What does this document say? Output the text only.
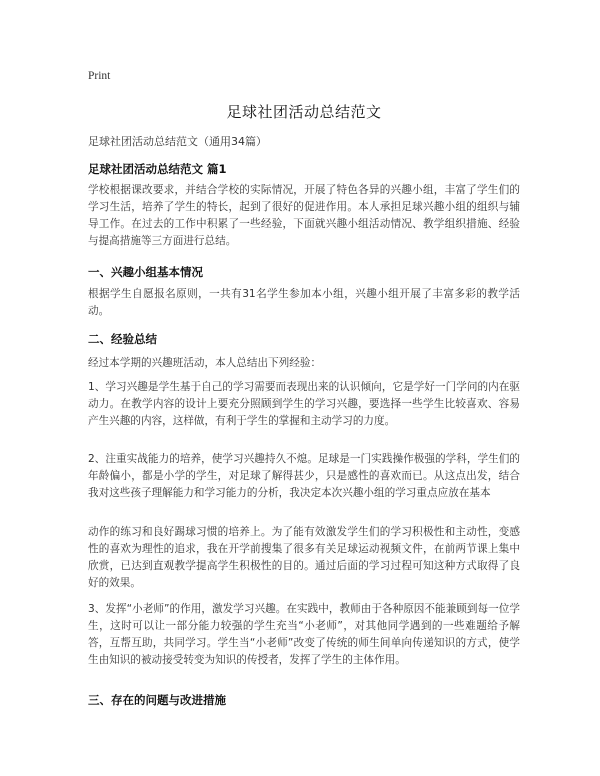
Print
足球社团活动总结范文
足球社团活动总结范文（通用34篇）
足球社团活动总结范文 篇1
学校根据课改要求，并结合学校的实际情况，开展了特色各异的兴趣小组，丰富了学生们的学习生活，培养了学生的特长，起到了很好的促进作用。本人承担足球兴趣小组的组织与辅导工作。在过去的工作中积累了一些经验，下面就兴趣小组活动情况、教学组织措施、经验与提高措施等三方面进行总结。
一、兴趣小组基本情况
根据学生自愿报名原则，一共有31名学生参加本小组，兴趣小组开展了丰富多彩的教学活动。
二、经验总结
经过本学期的兴趣班活动，本人总结出下列经验：
1、学习兴趣是学生基于自己的学习需要而表现出来的认识倾向，它是学好一门学问的内在驱动力。在教学内容的设计上要充分照顾到学生的学习兴趣，要选择一些学生比较喜欢、容易产生兴趣的内容，这样做，有利于学生的掌握和主动学习的力度。
2、注重实战能力的培养，使学习兴趣持久不熄。足球是一门实践操作极强的学科，学生们的年龄偏小，都是小学的学生，对足球了解得甚少，只是感性的喜欢而已。从这点出发，结合我对这些孩子理解能力和学习能力的分析，我决定本次兴趣小组的学习重点应放在基本
动作的练习和良好踢球习惯的培养上。为了能有效激发学生们的学习积极性和主动性，变感性的喜欢为理性的追求，我在开学前搜集了很多有关足球运动视频文件，在前两节课上集中欣赏，已达到直观教学提高学生积极性的目的。通过后面的学习过程可知这种方式取得了良好的效果。
3、发挥“小老师”的作用，激发学习兴趣。在实践中，教师由于各种原因不能兼顾到每一位学生，这时可以让一部分能力较强的学生充当“小老师”，对其他同学遇到的一些难题给予解答，互帮互助，共同学习。学生当“小老师”改变了传统的师生间单向传递知识的方式，使学生由知识的被动接受转变为知识的传授者，发挥了学生的主体作用。
三、存在的问题与改进措施
